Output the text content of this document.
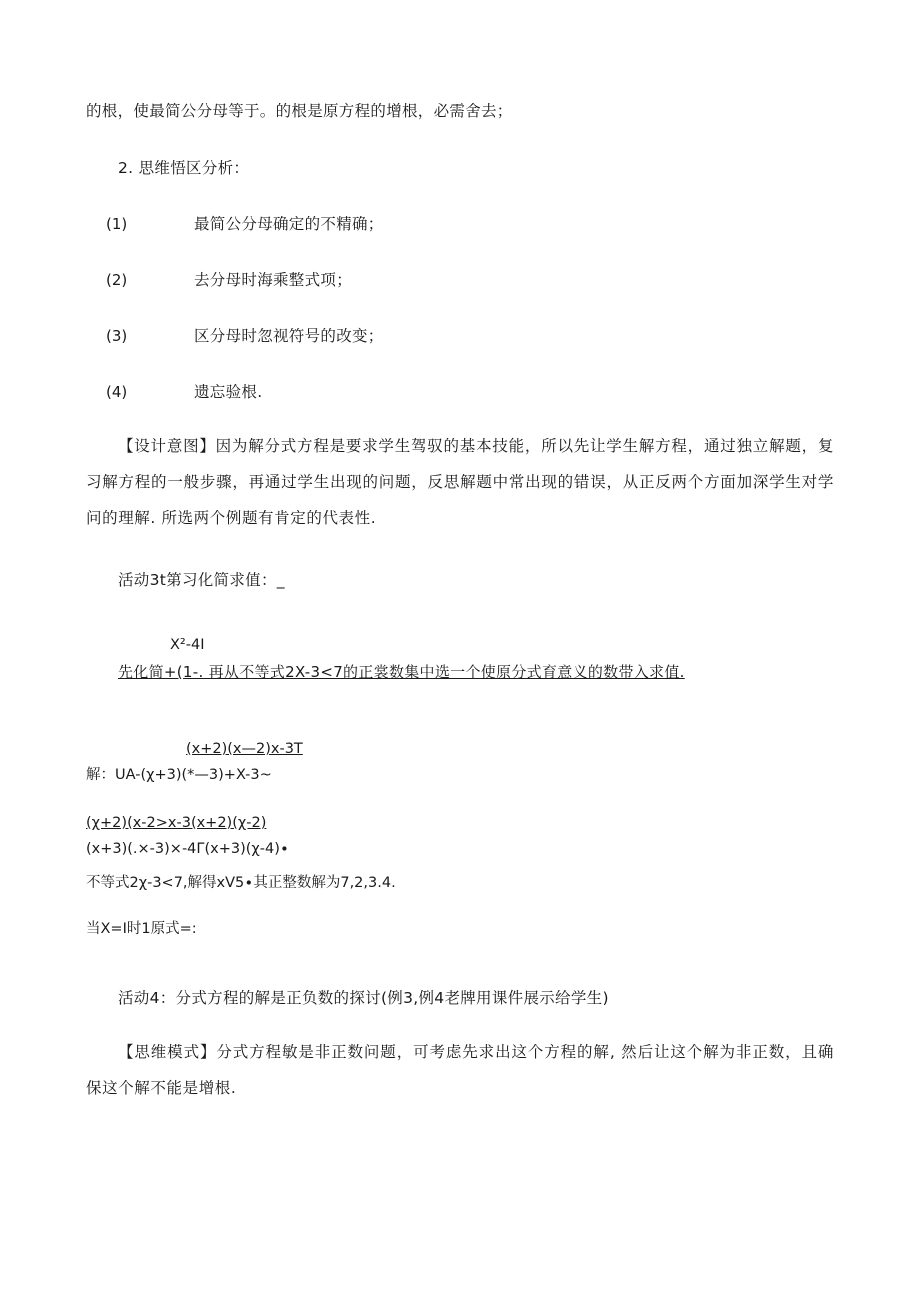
的根，使最简公分母等于。的根是原方程的增根，必需舍去；
2. 思维悟区分析：
(1)	最简公分母确定的不精确；
(2)	去分母时海乘整式项；
(3)	区分母时忽视符号的改变；
(4)	遗忘验根.
【设计意图】因为解分式方程是要求学生驾驭的基本技能，所以先让学生解方程，通过独立解题，复习解方程的一般步骤，再通过学生出现的问题，反思解题中常出现的错误，从正反两个方面加深学生对学问的理解. 所选两个例题有肯定的代表性.
活动3t第习化简求值：_
X²-4I
先化简+(1-. 再从不等式2X-3<7的正裳数集中选一个使原分式育意义的数带入求值.
(x+2)(x—2)x-3T
解：UA-(χ+3)(*—3)+X-3~
(χ+2)(x-2>x-3(x+2)(χ-2)
(x+3)(.×-3)×-4Γ(x+3)(χ-4)∙
不等式2χ-3<7,解得xV5∙其正整数解为7,2,3.4.
当X=I时1原式=:
活动4：分式方程的解是正负数的探讨(例3,例4老牌用课件展示给学生)
【思维模式】分式方程敏是非正数问题，可考虑先求出这个方程的解, 然后让这个解为非正数，且确保这个解不能是增根.
